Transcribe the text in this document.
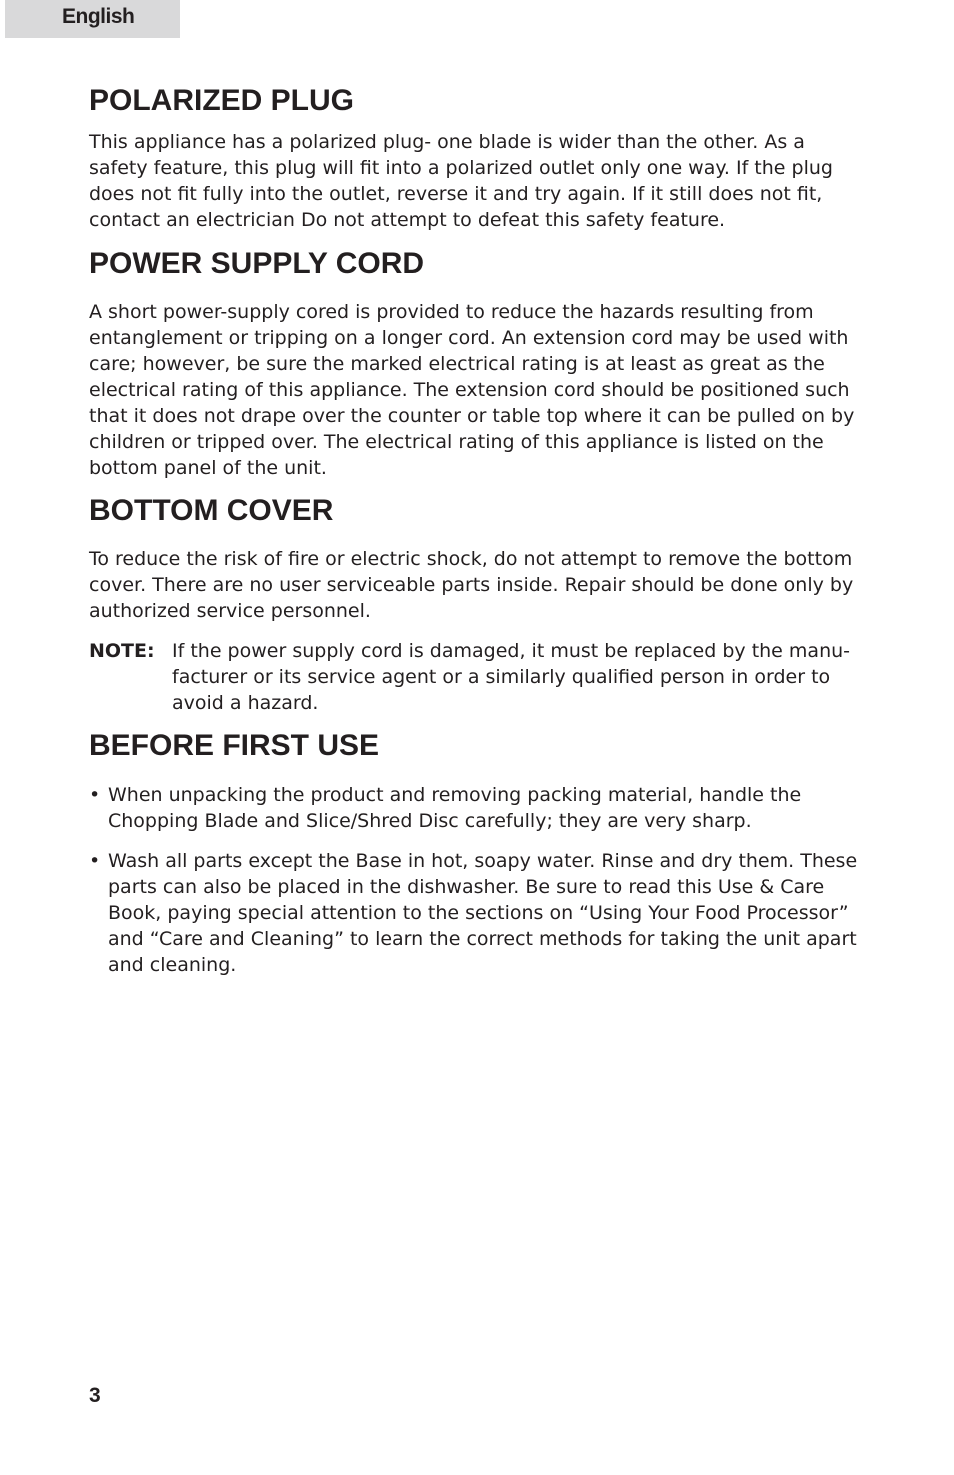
English
POLARIZED PLUG

This appliance has a polarized plug- one blade is wider than the other. As a safety feature, this plug will fit into a polarized outlet only one way. If the plug does not fit fully into the outlet, reverse it and try again. If it still does not fit, contact an electrician Do not attempt to defeat this safety feature.

POWER SUPPLY CORD

A short power-supply cored is provided to reduce the hazards resulting from entanglement or tripping on a longer cord. An extension cord may be used with care; however, be sure the marked electrical rating is at least as great as the electrical rating of this appliance. The extension cord should be positioned such that it does not drape over the counter or table top where it can be pulled on by children or tripped over. The electrical rating of this appliance is listed on the bottom panel of the unit.

BOTTOM COVER

To reduce the risk of fire or electric shock, do not attempt to remove the bottom cover. There are no user serviceable parts inside. Repair should be done only by authorized service personnel.

NOTE: If the power supply cord is damaged, it must be replaced by the manu-facturer or its service agent or a similarly qualified person in order to avoid a hazard.
BEFORE FIRST USE
• When unpacking the product and removing packing material, handle the Chopping Blade and Slice/Shred Disc carefully; they are very sharp.
• Wash all parts except the Base in hot, soapy water. Rinse and dry them. These parts can also be placed in the dishwasher. Be sure to read this Use & Care Book, paying special attention to the sections on “Using Your Food Processor” and “Care and Cleaning” to learn the correct methods for taking the unit apart and cleaning.
3
